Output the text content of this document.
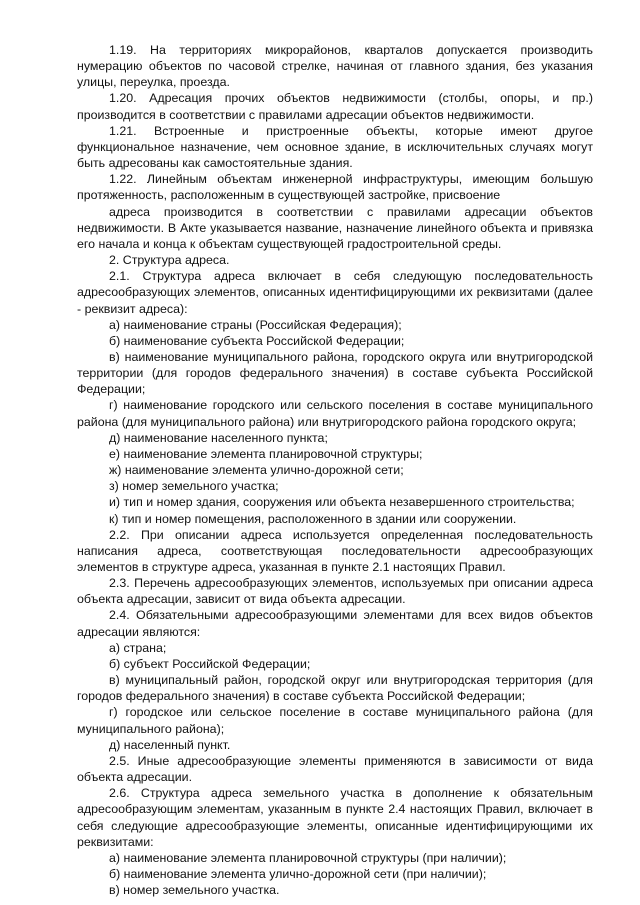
1.19. На территориях микрорайонов, кварталов допускается производить нумерацию объектов по часовой стрелке, начиная от главного здания, без указания улицы, переулка, проезда.

1.20. Адресация прочих объектов недвижимости (столбы, опоры, и пр.) производится в соответствии с правилами адресации объектов недвижимости.

1.21. Встроенные и пристроенные объекты, которые имеют другое функциональное назначение, чем основное здание, в исключительных случаях могут быть адресованы как самостоятельные здания.

1.22. Линейным объектам инженерной инфраструктуры, имеющим большую протяженность, расположенным в существующей застройке, присвоение

адреса производится в соответствии с правилами адресации объектов недвижимости. В Акте указывается название, назначение линейного объекта и привязка его начала и конца к объектам существующей градостроительной среды.

2. Структура адреса.

2.1. Структура адреса включает в себя следующую последовательность адресообразующих элементов, описанных идентифицирующими их реквизитами (далее - реквизит адреса):

а) наименование страны (Российская Федерация);

б) наименование субъекта Российской Федерации;

в) наименование муниципального района, городского округа или внутригородской территории (для городов федерального значения) в составе субъекта Российской Федерации;

г) наименование городского или сельского поселения в составе муниципального района (для муниципального района) или внутригородского района городского округа;

д) наименование населенного пункта;

е) наименование элемента планировочной структуры;

ж) наименование элемента улично-дорожной сети;

з) номер земельного участка;

и) тип и номер здания, сооружения или объекта незавершенного строительства;

к) тип и номер помещения, расположенного в здании или сооружении.

2.2. При описании адреса используется определенная последовательность написания адреса, соответствующая последовательности адресообразующих элементов в структуре адреса, указанная в пункте 2.1 настоящих Правил.

2.3. Перечень адресообразующих элементов, используемых при описании адреса объекта адресации, зависит от вида объекта адресации.

2.4. Обязательными адресообразующими элементами для всех видов объектов адресации являются:

а) страна;

б) субъект Российской Федерации;

в) муниципальный район, городской округ или внутригородская территория (для городов федерального значения) в составе субъекта Российской Федерации;

г) городское или сельское поселение в составе муниципального района (для муниципального района);

д) населенный пункт.

2.5. Иные адресообразующие элементы применяются в зависимости от вида объекта адресации.

2.6. Структура адреса земельного участка в дополнение к обязательным адресообразующим элементам, указанным в пункте 2.4 настоящих Правил, включает в себя следующие адресообразующие элементы, описанные идентифицирующими их реквизитами:

а) наименование элемента планировочной структуры (при наличии);

б) наименование элемента улично-дорожной сети (при наличии);

в) номер земельного участка.
